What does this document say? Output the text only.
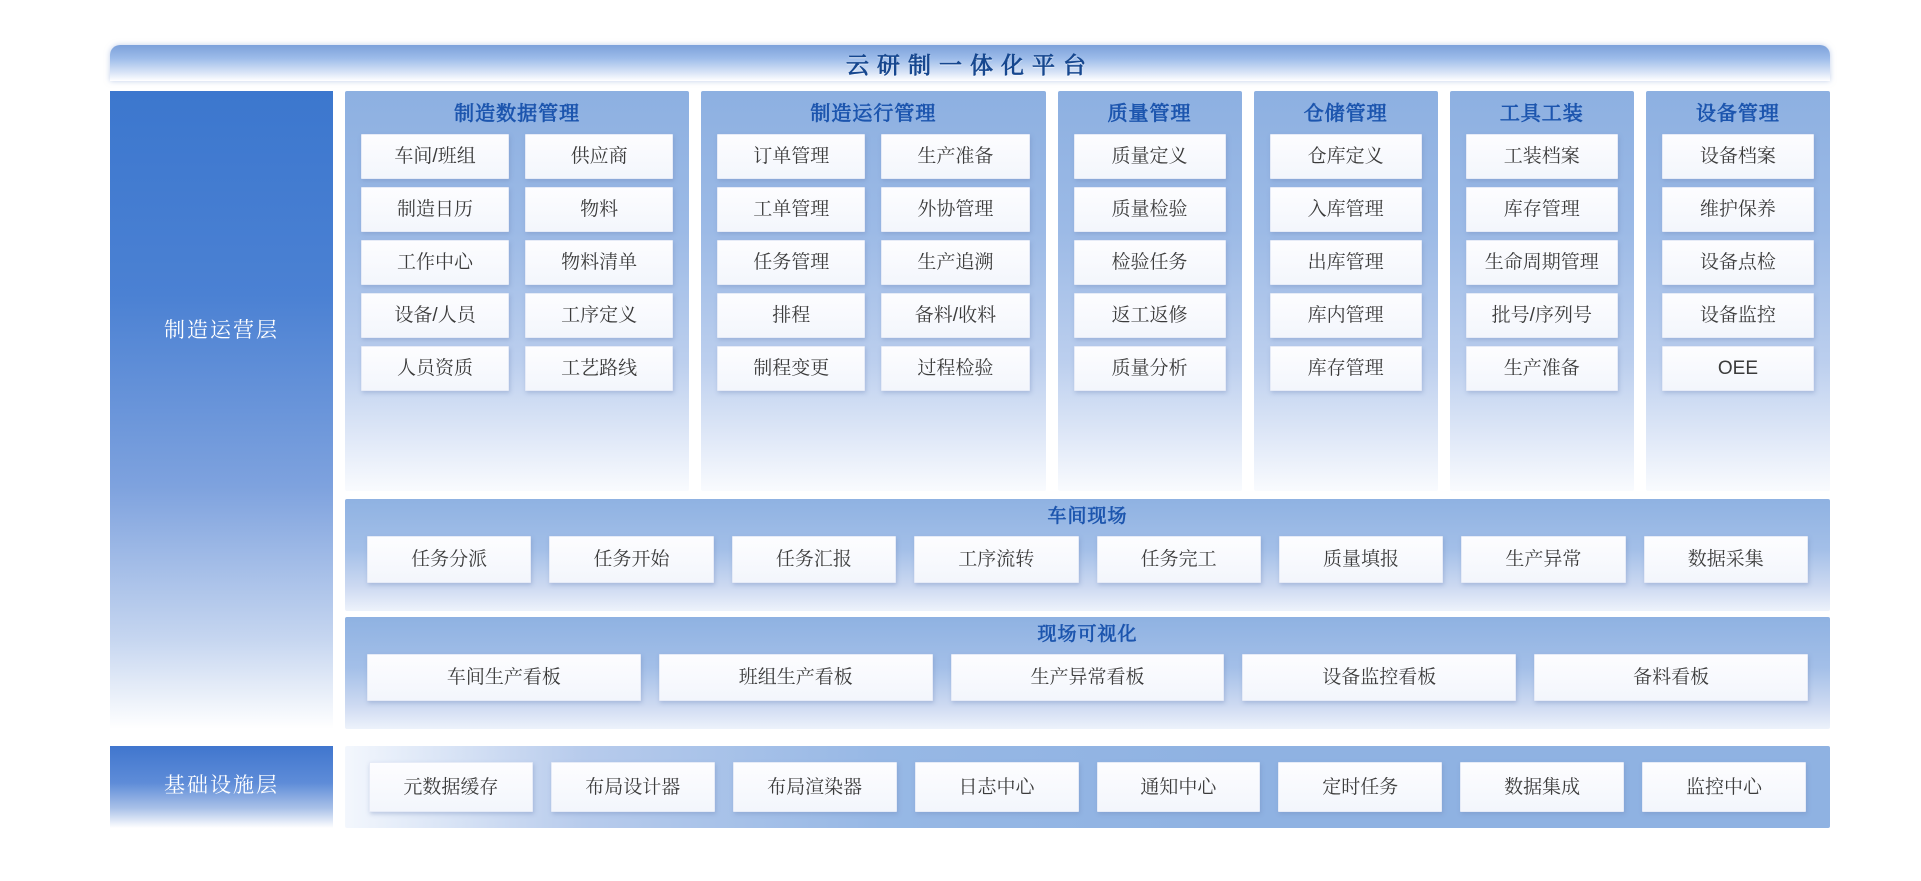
云研制一体化平台
制造运营层
制造数据管理
车间/班组	供应商
制造日历	物料
工作中心	物料清单
设备/人员	工序定义
人员资质	工艺路线
制造运行管理
订单管理	生产准备
工单管理	外协管理
任务管理	生产追溯
排程	备料/收料
制程变更	过程检验
质量管理
质量定义
质量检验
检验任务
返工返修
质量分析
仓储管理
仓库定义
入库管理
出库管理
库内管理
库存管理
工具工装
工装档案
库存管理
生命周期管理
批号/序列号
生产准备
设备管理
设备档案
维护保养
设备点检
设备监控
OEE
车间现场
任务分派	任务开始	任务汇报	工序流转	任务完工	质量填报	生产异常	数据采集
现场可视化
车间生产看板	班组生产看板	生产异常看板	设备监控看板	备料看板
基础设施层	元数据缓存	布局设计器	布局渲染器	日志中心	通知中心	定时任务	数据集成	监控中心
